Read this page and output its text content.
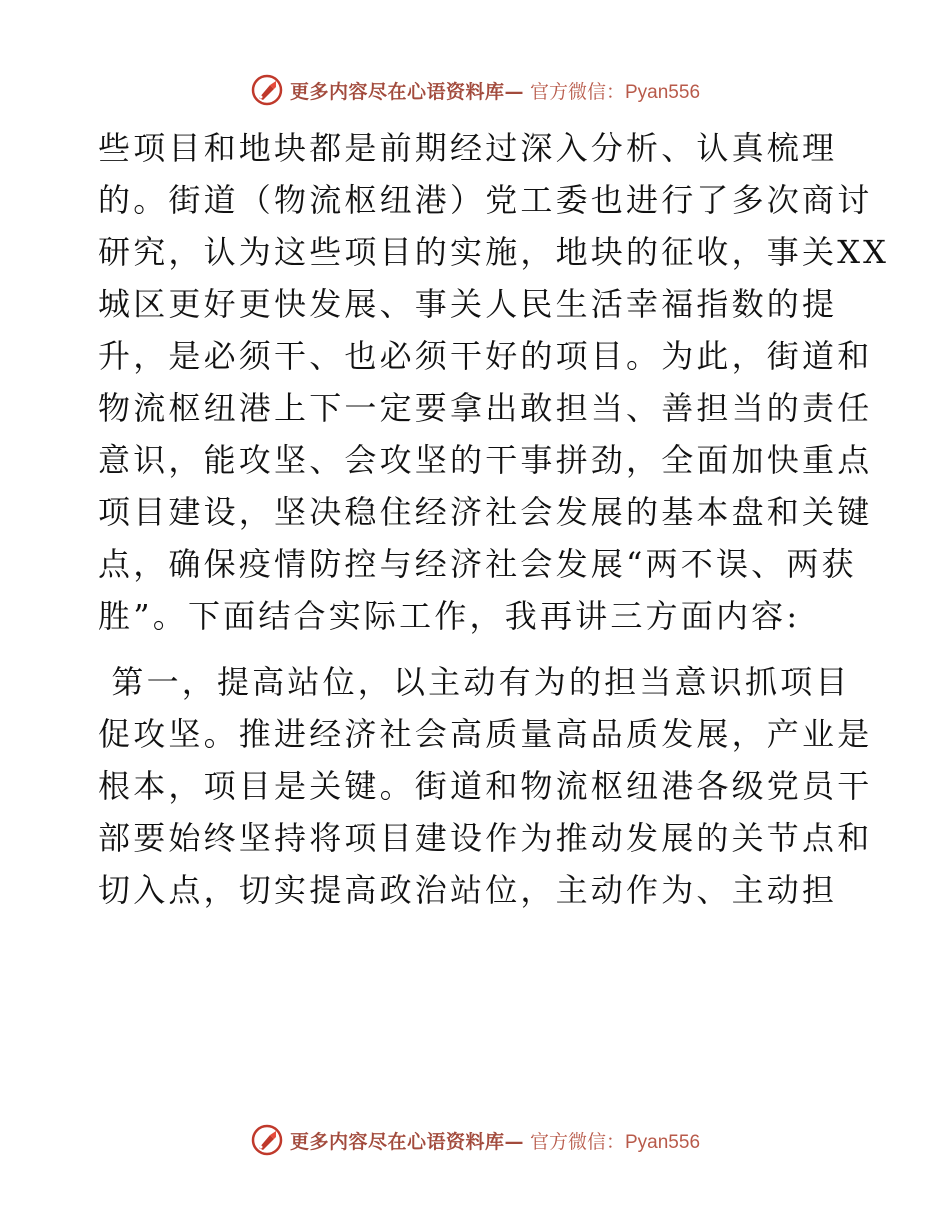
更多内容尽在心语资料库— 官方微信：Pyan556
些项目和地块都是前期经过深入分析、认真梳理
的。街道（物流枢纽港）党工委也进行了多次商讨
研究，认为这些项目的实施，地块的征收，事关XX
城区更好更快发展、事关人民生活幸福指数的提
升，是必须干、也必须干好的项目。为此，街道和
物流枢纽港上下一定要拿出敢担当、善担当的责任
意识，能攻坚、会攻坚的干事拼劲，全面加快重点
项目建设，坚决稳住经济社会发展的基本盘和关键
点，确保疫情防控与经济社会发展“两不误、两获
胜”。下面结合实际工作，我再讲三方面内容:
第一，提高站位，以主动有为的担当意识抓项目
促攻坚。推进经济社会高质量高品质发展，产业是
根本，项目是关键。街道和物流枢纽港各级党员干
部要始终坚持将项目建设作为推动发展的关节点和
切入点，切实提高政治站位，主动作为、主动担
更多内容尽在心语资料库— 官方微信：Pyan556
